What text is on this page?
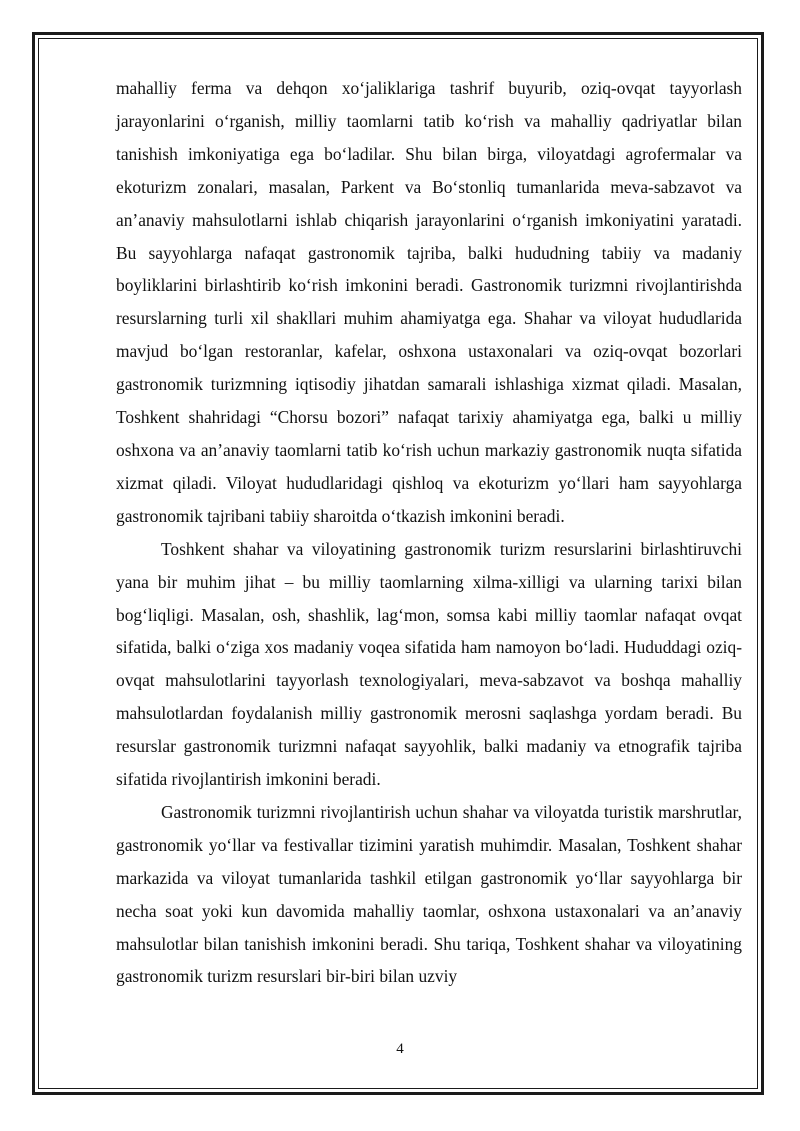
mahalliy ferma va dehqon xo‘jaliklariga tashrif buyurib, oziq-ovqat tayyorlash jarayonlarini o‘rganish, milliy taomlarni tatib ko‘rish va mahalliy qadriyatlar bilan tanishish imkoniyatiga ega bo‘ladilar. Shu bilan birga, viloyatdagi agrofermalar va ekoturizm zonalari, masalan, Parkent va Bo‘stonliq tumanlarida meva-sabzavot va an’anaviy mahsulotlarni ishlab chiqarish jarayonlarini o‘rganish imkoniyatini yaratadi. Bu sayyohlarga nafaqat gastronomik tajriba, balki hududning tabiiy va madaniy boyliklarini birlashtirib ko‘rish imkonini beradi. Gastronomik turizmni rivojlantirishda resurslarning turli xil shakllari muhim ahamiyatga ega. Shahar va viloyat hududlarida mavjud bo‘lgan restoranlar, kafelar, oshxona ustaxonalari va oziq-ovqat bozorlari gastronomik turizmning iqtisodiy jihatdan samarali ishlashiga xizmat qiladi. Masalan, Toshkent shahridagi “Chorsu bozori” nafaqat tarixiy ahamiyatga ega, balki u milliy oshxona va an’anaviy taomlarni tatib ko‘rish uchun markaziy gastronomik nuqta sifatida xizmat qiladi. Viloyat hududlaridagi qishloq va ekoturizm yo‘llari ham sayyohlarga gastronomik tajribani tabiiy sharoitda o‘tkazish imkonini beradi.

Toshkent shahar va viloyatining gastronomik turizm resurslarini birlashtiruvchi yana bir muhim jihat – bu milliy taomlarning xilma-xilligi va ularning tarixi bilan bog‘liqligi. Masalan, osh, shashlik, lag‘mon, somsa kabi milliy taomlar nafaqat ovqat sifatida, balki o‘ziga xos madaniy voqea sifatida ham namoyon bo‘ladi. Hududdagi oziq-ovqat mahsulotlarini tayyorlash texnologiyalari, meva-sabzavot va boshqa mahalliy mahsulotlardan foydalanish milliy gastronomik merosni saqlashga yordam beradi. Bu resurslar gastronomik turizmni nafaqat sayyohlik, balki madaniy va etnografik tajriba sifatida rivojlantirish imkonini beradi.

Gastronomik turizmni rivojlantirish uchun shahar va viloyatda turistik marshrutlar, gastronomik yo‘llar va festivallar tizimini yaratish muhimdir. Masalan, Toshkent shahar markazida va viloyat tumanlarida tashkil etilgan gastronomik yo‘llar sayyohlarga bir necha soat yoki kun davomida mahalliy taomlar, oshxona ustaxonalari va an’anaviy mahsulotlar bilan tanishish imkonini beradi. Shu tariqa, Toshkent shahar va viloyatining gastronomik turizm resurslari bir-biri bilan uzviy

4
